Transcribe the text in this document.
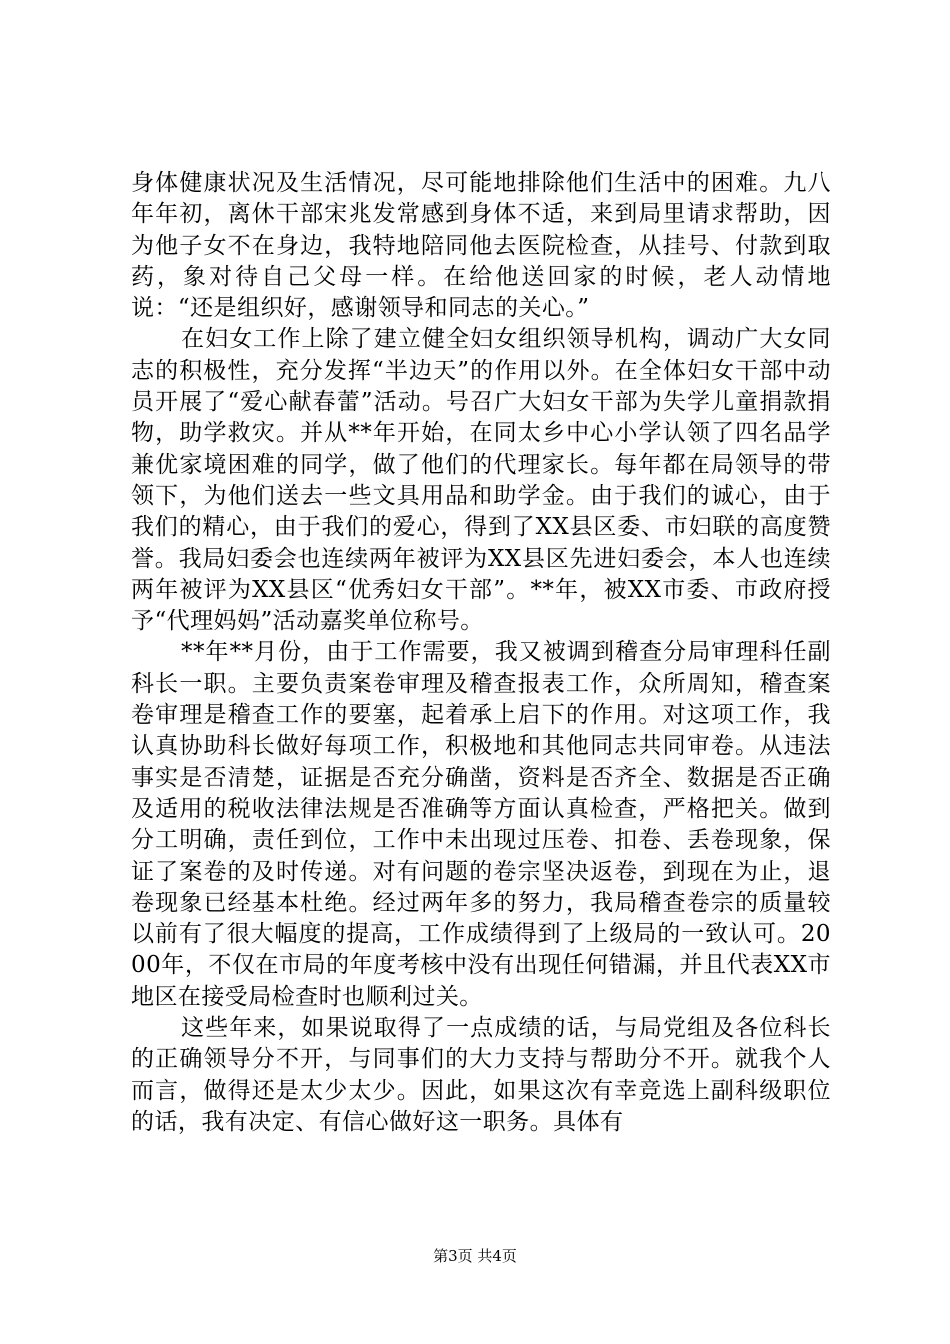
身体健康状况及生活情况，尽可能地排除他们生活中的困难。九八年年初，离休干部宋兆发常感到身体不适，来到局里请求帮助，因为他子女不在身边，我特地陪同他去医院检查，从挂号、付款到取药，象对待自己父母一样。在给他送回家的时候，老人动情地说：“还是组织好，感谢领导和同志的关心。”

在妇女工作上除了建立健全妇女组织领导机构，调动广大女同志的积极性，充分发挥“半边天”的作用以外。在全体妇女干部中动员开展了“爱心献春蕾”活动。号召广大妇女干部为失学儿童捐款捐物，助学救灾。并从**年开始，在同太乡中心小学认领了四名品学兼优家境困难的同学，做了他们的代理家长。每年都在局领导的带领下，为他们送去一些文具用品和助学金。由于我们的诚心，由于我们的精心，由于我们的爱心，得到了XX县区委、市妇联的高度赞誉。我局妇委会也连续两年被评为XX县区先进妇委会，本人也连续两年被评为XX县区“优秀妇女干部”。**年，被XX市委、市政府授予“代理妈妈”活动嘉奖单位称号。

**年**月份，由于工作需要，我又被调到稽查分局审理科任副科长一职。主要负责案卷审理及稽查报表工作，众所周知，稽查案卷审理是稽查工作的要塞，起着承上启下的作用。对这项工作，我认真协助科长做好每项工作，积极地和其他同志共同审卷。从违法事实是否清楚，证据是否充分确凿，资料是否齐全、数据是否正确及适用的税收法律法规是否准确等方面认真检查，严格把关。做到分工明确，责任到位，工作中未出现过压卷、扣卷、丢卷现象，保证了案卷的及时传递。对有问题的卷宗坚决返卷，到现在为止，退卷现象已经基本杜绝。经过两年多的努力，我局稽查卷宗的质量较以前有了很大幅度的提高，工作成绩得到了上级局的一致认可。2000年，不仅在市局的年度考核中没有出现任何错漏，并且代表XX市地区在接受局检查时也顺利过关。

这些年来，如果说取得了一点成绩的话，与局党组及各位科长的正确领导分不开，与同事们的大力支持与帮助分不开。就我个人而言，做得还是太少太少。因此，如果这次有幸竞选上副科级职位的话，我有决定、有信心做好这一职务。具体有

第3页 共4页
